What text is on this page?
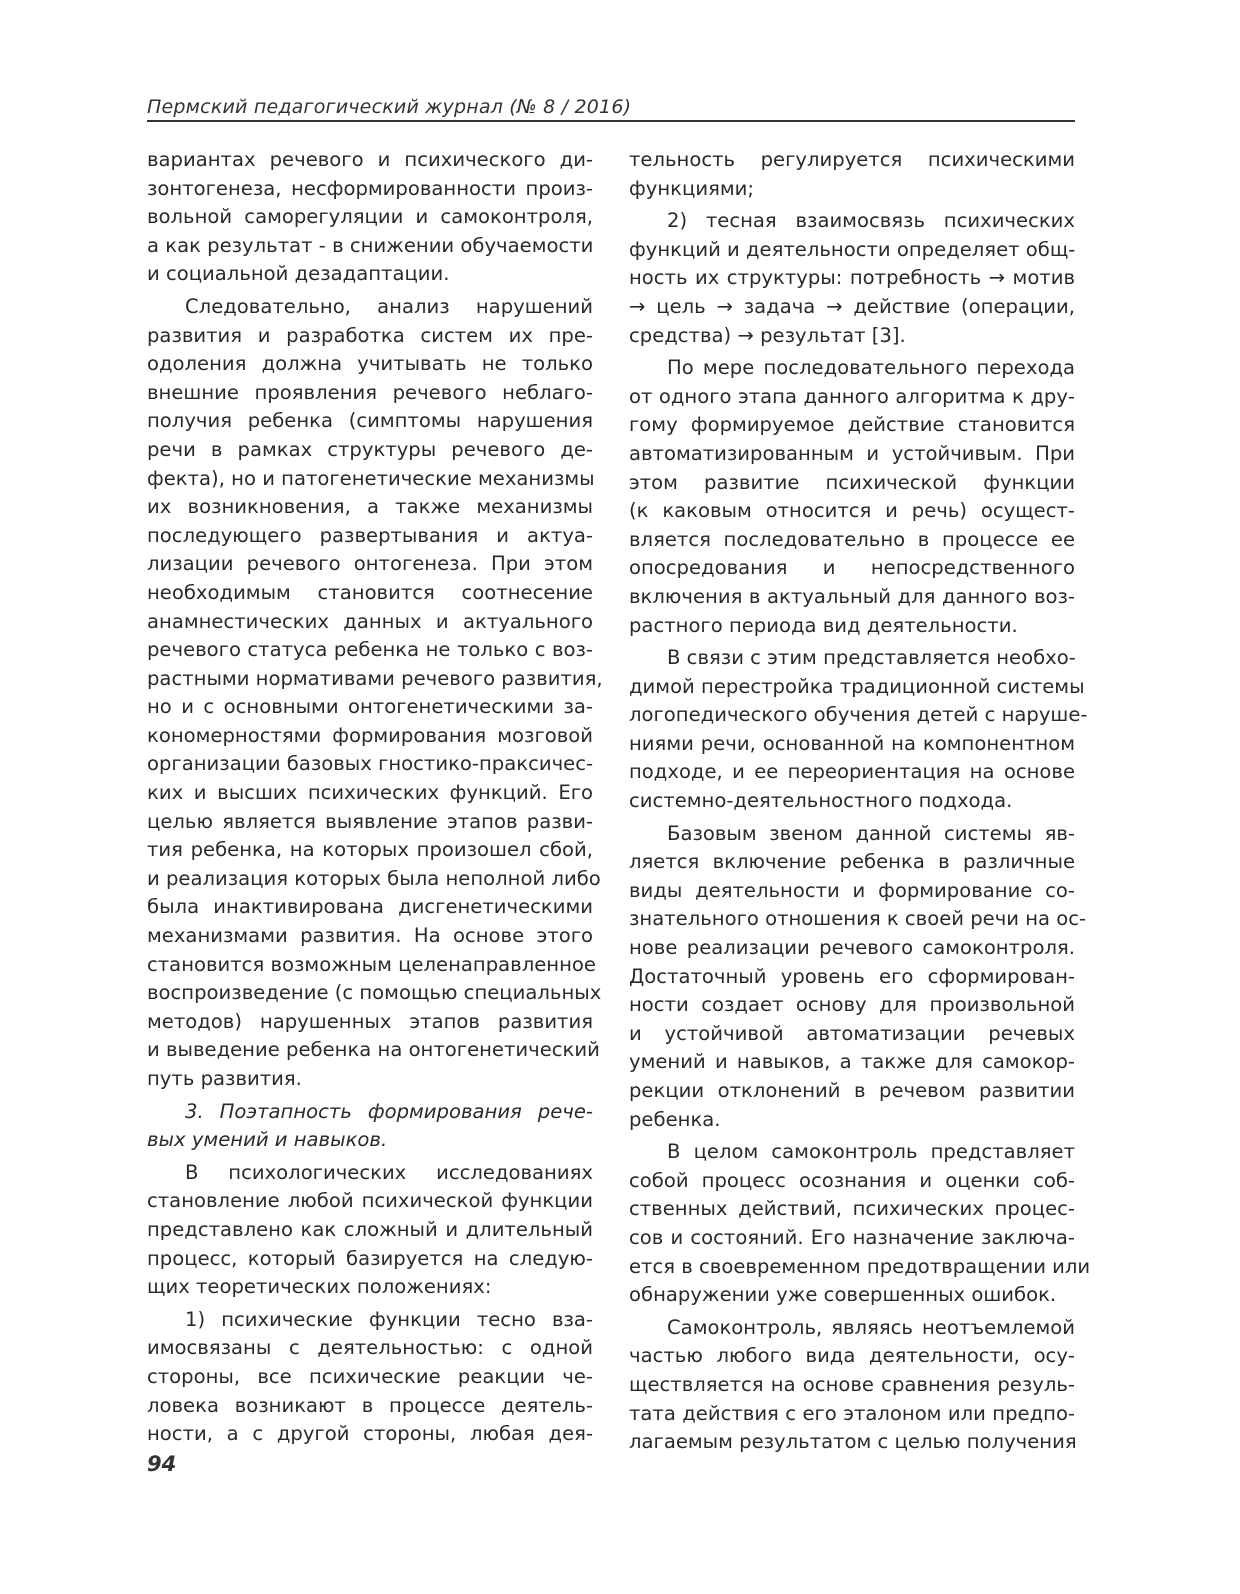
Пермский педагогический журнал (№ 8 / 2016)
вариантах речевого и психического ди-
зонтогенеза, несформированности произ-
вольной саморегуляции и самоконтроля,
а как результат - в снижении обучаемости
и социальной дезадаптации.
Следовательно, анализ нарушений
развития и разработка систем их пре-
одоления должна учитывать не только
внешние проявления речевого неблаго-
получия ребенка (симптомы нарушения
речи в рамках структуры речевого де-
фекта), но и патогенетические механизмы
их возникновения, а также механизмы
последующего развертывания и актуа-
лизации речевого онтогенеза. При этом
необходимым становится соотнесение
анамнестических данных и актуального
речевого статуса ребенка не только с воз-
растными нормативами речевого развития,
но и с основными онтогенетическими за-
кономерностями формирования мозговой
организации базовых гностико-праксичес-
ких и высших психических функций. Его
целью является выявление этапов разви-
тия ребенка, на которых произошел сбой,
и реализация которых была неполной либо
была инактивирована дисгенетическими
механизмами развития. На основе этого
становится возможным целенаправленное
воспроизведение (с помощью специальных
методов) нарушенных этапов развития
и выведение ребенка на онтогенетический
путь развития.
3. Поэтапность формирования рече-
вых умений и навыков.
В психологических исследованиях
становление любой психической функции
представлено как сложный и длительный
процесс, который базируется на следую-
щих теоретических положениях:
1) психические функции тесно вза-
имосвязаны с деятельностью: с одной
стороны, все психические реакции че-
ловека возникают в процессе деятель-
ности, а с другой стороны, любая дея-
тельность регулируется психическими
функциями;
2) тесная взаимосвязь психических
функций и деятельности определяет общ-
ность их структуры: потребность → мотив
→ цель → задача → действие (операции,
средства) → результат [3].
По мере последовательного перехода
от одного этапа данного алгоритма к дру-
гому формируемое действие становится
автоматизированным и устойчивым. При
этом развитие психической функции
(к каковым относится и речь) осущест-
вляется последовательно в процессе ее
опосредования и непосредственного
включения в актуальный для данного воз-
растного периода вид деятельности.
В связи с этим представляется необхо-
димой перестройка традиционной системы
логопедического обучения детей с наруше-
ниями речи, основанной на компонентном
подходе, и ее переориентация на основе
системно-деятельностного подхода.
Базовым звеном данной системы яв-
ляется включение ребенка в различные
виды деятельности и формирование со-
знательного отношения к своей речи на ос-
нове реализации речевого самоконтроля.
Достаточный уровень его сформирован-
ности создает основу для произвольной
и устойчивой автоматизации речевых
умений и навыков, а также для самокор-
рекции отклонений в речевом развитии
ребенка.
В целом самоконтроль представляет
собой процесс осознания и оценки соб-
ственных действий, психических процес-
сов и состояний. Его назначение заключа-
ется в своевременном предотвращении или
обнаружении уже совершенных ошибок.
Самоконтроль, являясь неотъемлемой
частью любого вида деятельности, осу-
ществляется на основе сравнения резуль-
тата действия с его эталоном или предпо-
лагаемым результатом с целью получения
94
